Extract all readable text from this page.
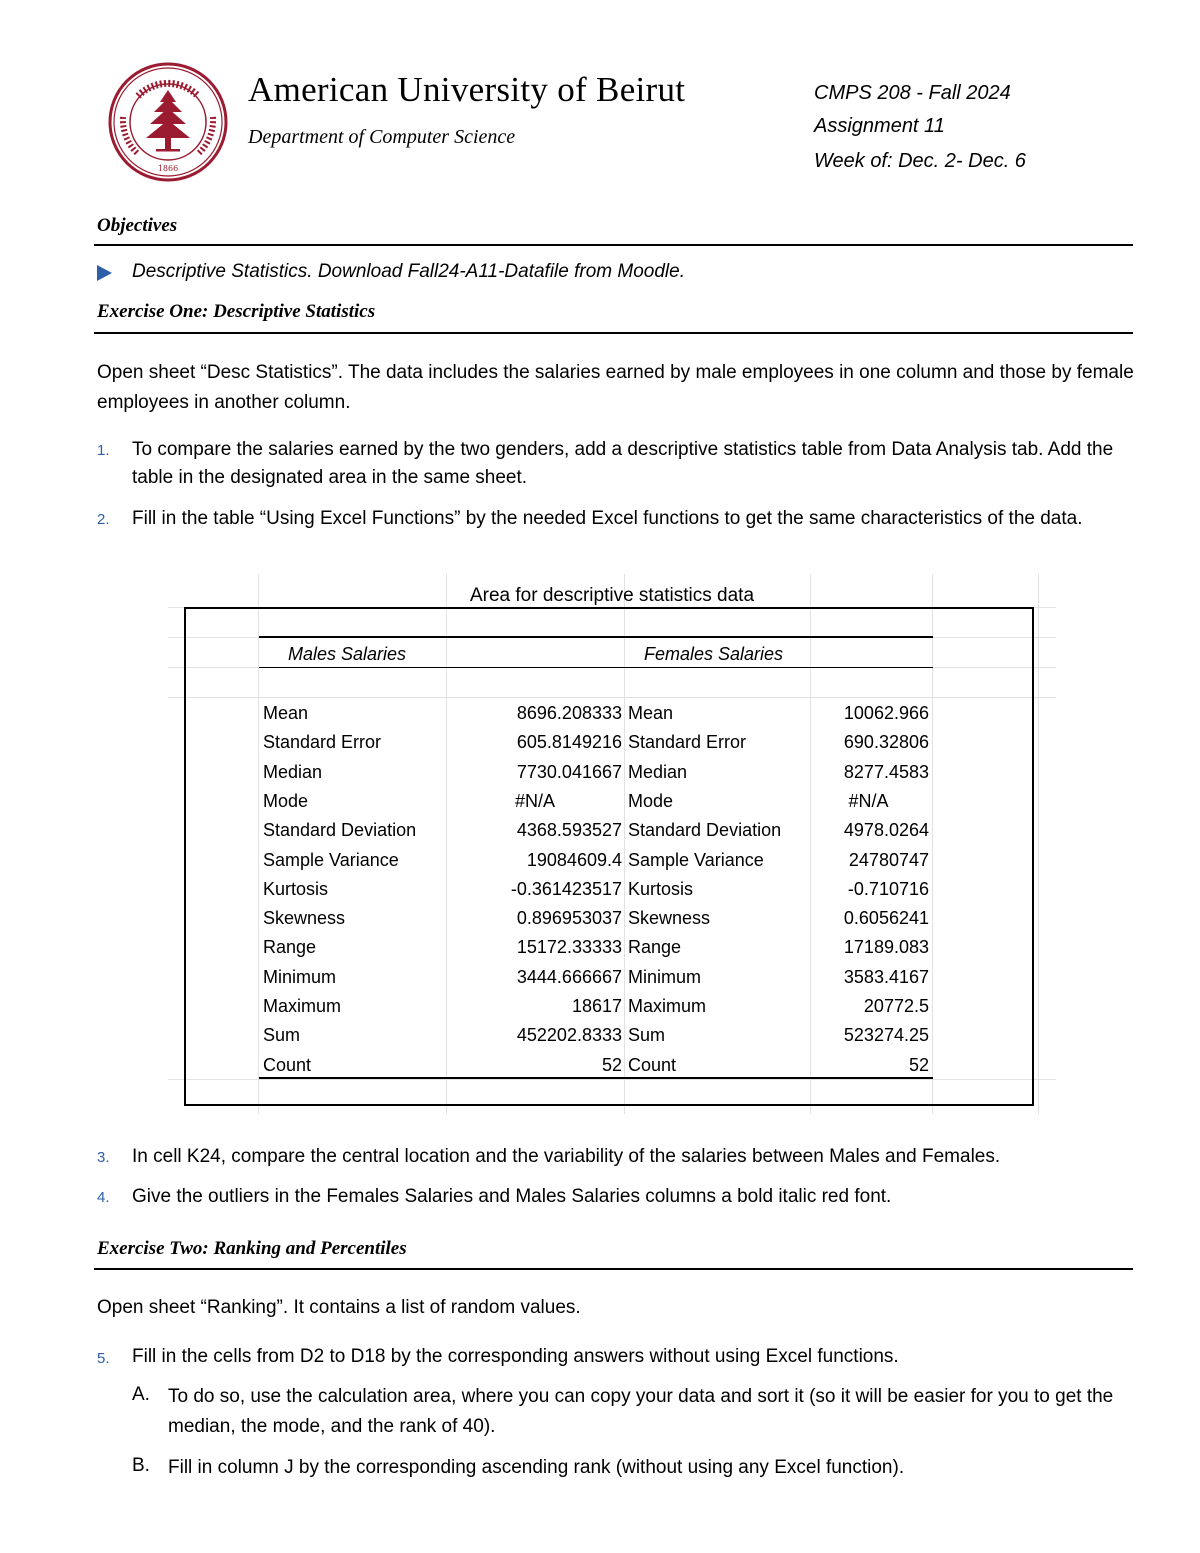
1866
American University of Beirut
Department of Computer Science
CMPS 208 - Fall 2024
Assignment 11
Week of: Dec. 2- Dec. 6
Objectives
Descriptive Statistics. Download Fall24-A11-Datafile from Moodle.
Exercise One: Descriptive Statistics
Open sheet “Desc Statistics”. The data includes the salaries earned by male employees in one column and those by female employees in another column.
1. To compare the salaries earned by the two genders, add a descriptive statistics table from Data Analysis tab. Add the table in the designated area in the same sheet.
2. Fill in the table “Using Excel Functions” by the needed Excel functions to get the same characteristics of the data.
Area for descriptive statistics data
Males Salaries	Females Salaries
Mean	8696.208333 Mean	10062.966
Standard Error	605.8149216 Standard Error	690.32806
Median	7730.041667 Median	8277.4583
Mode	#N/A	Mode	#N/A
Standard Deviation	4368.593527 Standard Deviation	4978.0264
Sample Variance	19084609.4 Sample Variance	24780747
Kurtosis	-0.361423517 Kurtosis	-0.710716
Skewness	0.896953037 Skewness	0.6056241
Range	15172.33333 Range	17189.083
Minimum	3444.666667 Minimum	3583.4167
Maximum	18617 Maximum	20772.5
Sum	452202.8333 Sum	523274.25
Count	52 Count	52
3. In cell K24, compare the central location and the variability of the salaries between Males and Females.
4. Give the outliers in the Females Salaries and Males Salaries columns a bold italic red font.
Exercise Two: Ranking and Percentiles
Open sheet “Ranking”. It contains a list of random values.
5. Fill in the cells from D2 to D18 by the corresponding answers without using Excel functions.
A. To do so, use the calculation area, where you can copy your data and sort it (so it will be easier for you to get the median, the mode, and the rank of 40).
B. Fill in column J by the corresponding ascending rank (without using any Excel function).
